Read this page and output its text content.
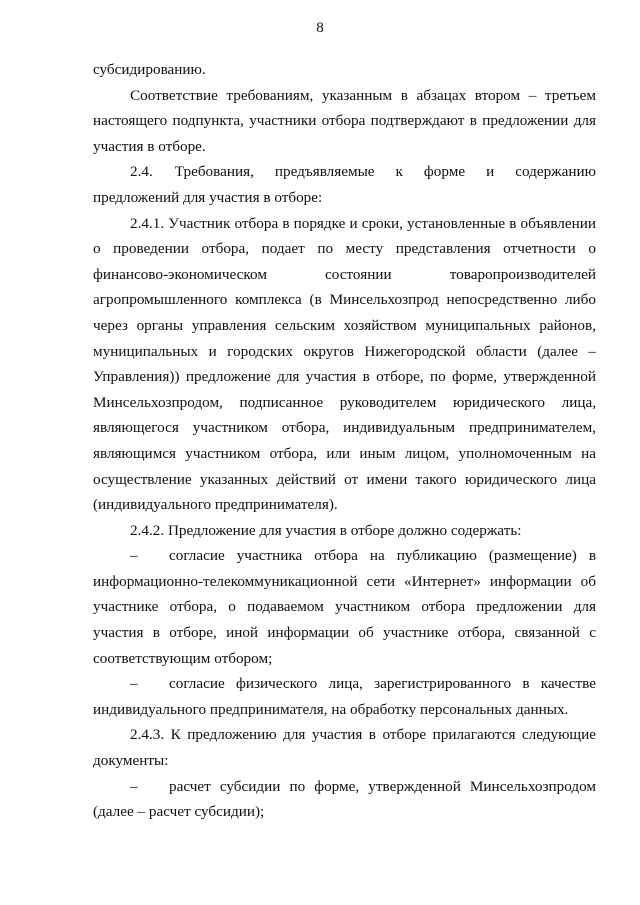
8

субсидированию.

Соответствие требованиям, указанным в абзацах втором – третьем настоящего подпункта, участники отбора подтверждают в предложении для участия в отборе.

2.4. Требования, предъявляемые к форме и содержанию предложений для участия в отборе:

2.4.1. Участник отбора в порядке и сроки, установленные в объявлении о проведении отбора, подает по месту представления отчетности о финансово-экономическом состоянии товаропроизводителей агропромышленного комплекса (в Минсельхозпрод непосредственно либо через органы управления сельским хозяйством муниципальных районов, муниципальных и городских округов Нижегородской области (далее – Управления)) предложение для участия в отборе, по форме, утвержденной Минсельхозпродом, подписанное руководителем юридического лица, являющегося участником отбора, индивидуальным предпринимателем, являющимся участником отбора, или иным лицом, уполномоченным на осуществление указанных действий от имени такого юридического лица (индивидуального предпринимателя).

2.4.2. Предложение для участия в отборе должно содержать:

– согласие участника отбора на публикацию (размещение) в информационно-телекоммуникационной сети «Интернет» информации об участнике отбора, о подаваемом участником отбора предложении для участия в отборе, иной информации об участнике отбора, связанной с соответствующим отбором;

– согласие физического лица, зарегистрированного в качестве индивидуального предпринимателя, на обработку персональных данных.

2.4.3. К предложению для участия в отборе прилагаются следующие документы:

– расчет субсидии по форме, утвержденной Минсельхозпродом (далее – расчет субсидии);
